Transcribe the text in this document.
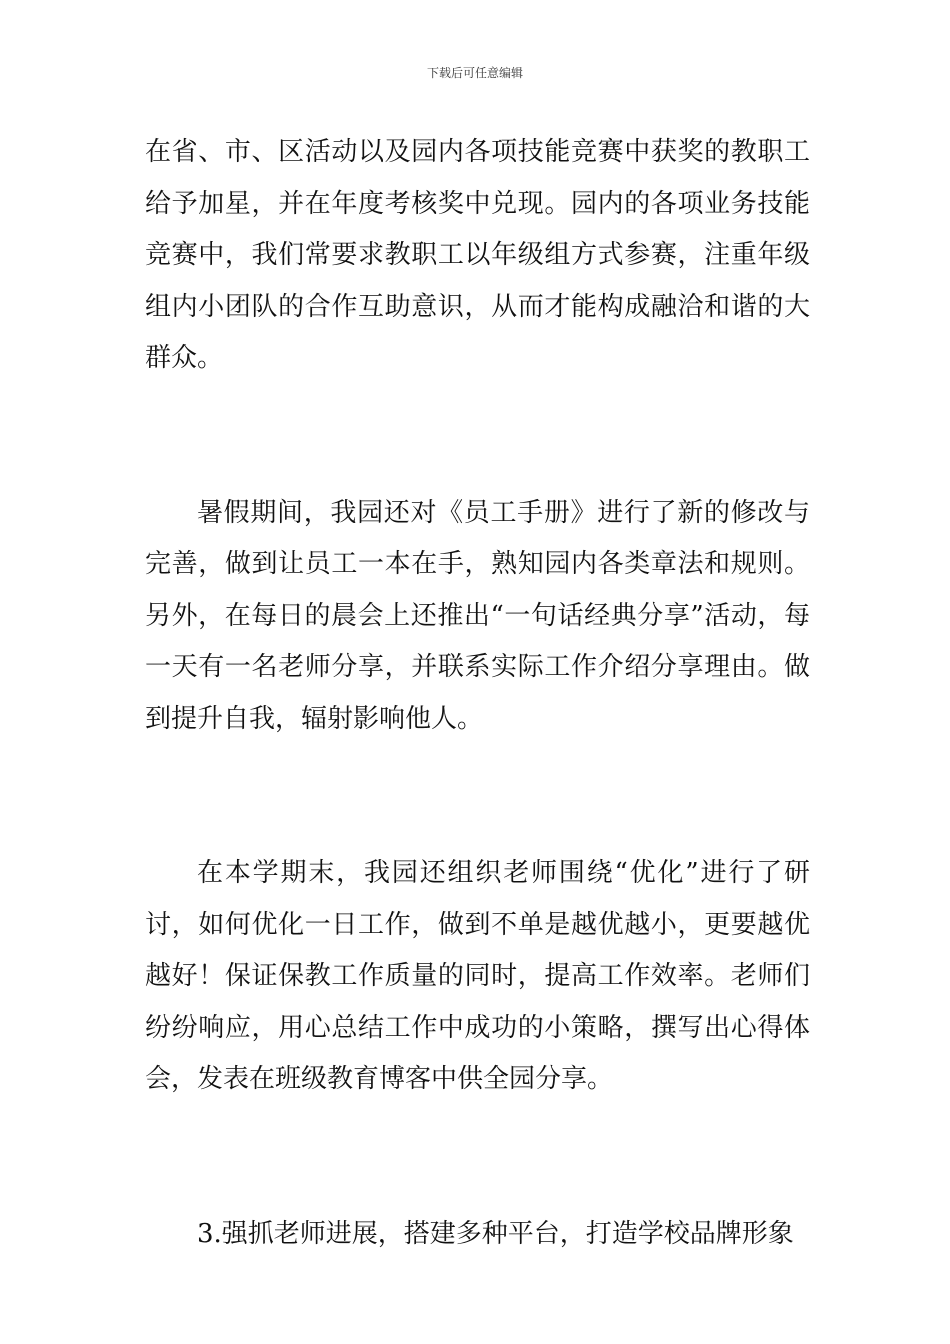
下载后可任意编辑

在省、市、区活动以及园内各项技能竞赛中获奖的教职工给予加星，并在年度考核奖中兑现。园内的各项业务技能竞赛中，我们常要求教职工以年级组方式参赛，注重年级组内小团队的合作互助意识，从而才能构成融洽和谐的大群众。

暑假期间，我园还对《员工手册》进行了新的修改与完善，做到让员工一本在手，熟知园内各类章法和规则。另外，在每日的晨会上还推出“一句话经典分享”活动，每一天有一名老师分享，并联系实际工作介绍分享理由。做到提升自我，辐射影响他人。

在本学期末，我园还组织老师围绕“优化”进行了研讨，如何优化一日工作，做到不单是越优越小，更要越优越好！保证保教工作质量的同时，提高工作效率。老师们纷纷响应，用心总结工作中成功的小策略，撰写出心得体会，发表在班级教育博客中供全园分享。

3.强抓老师进展，搭建多种平台，打造学校品牌形象
